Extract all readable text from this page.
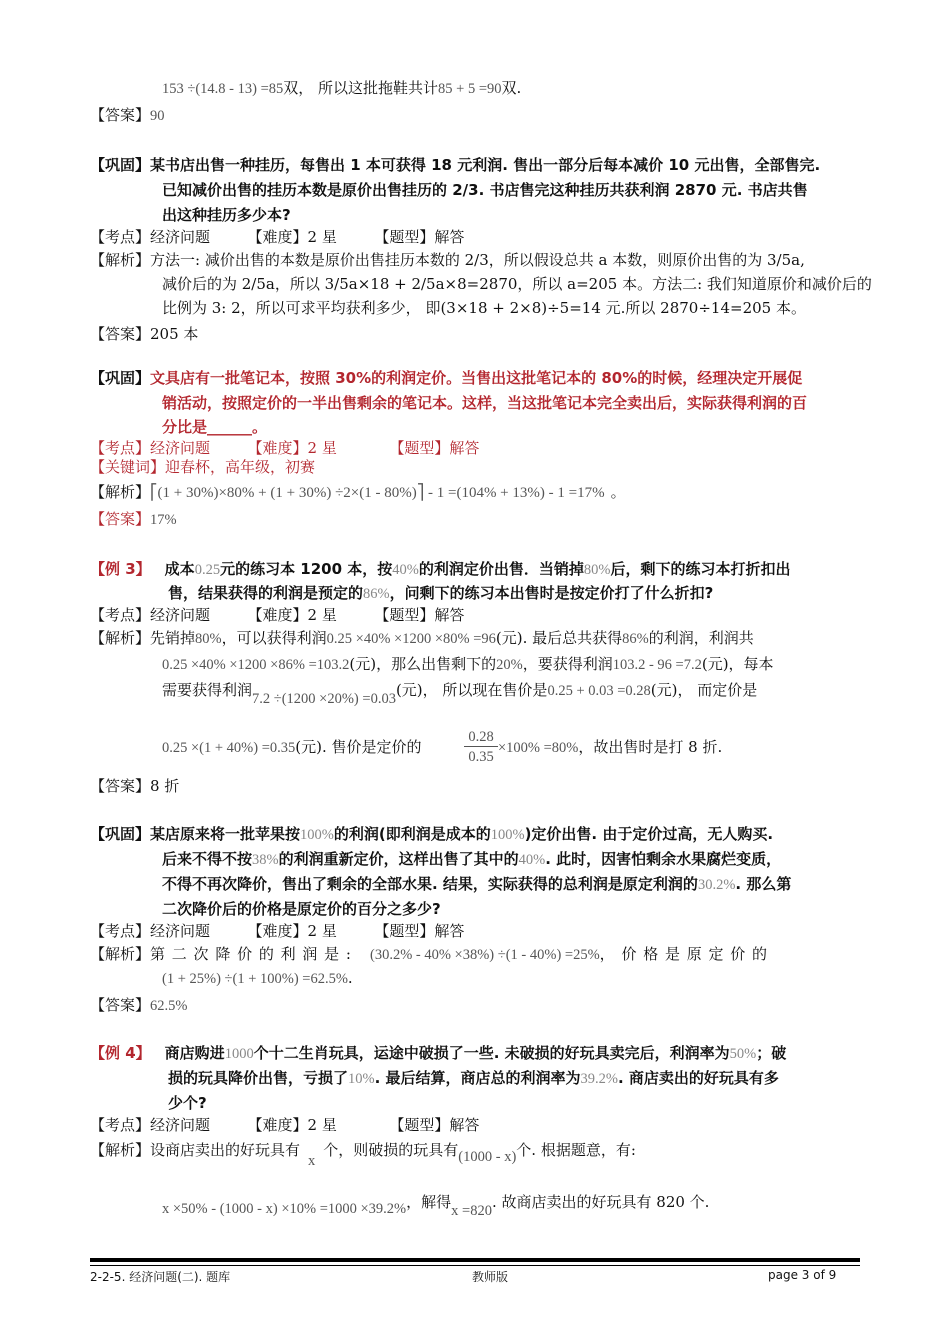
153 ÷(14.8 - 13) =85双， 所以这批拖鞋共计85 + 5 =90双.
【答案】90
【巩固】某书店出售一种挂历，每售出 1 本可获得 18 元利润. 售出一部分后每本减价 10 元出售，全部售完.
已知减价出售的挂历本数是原价出售挂历的 2/3. 书店售完这种挂历共获利润 2870 元. 书店共售
出这种挂历多少本?
【考点】经济问题　　　【难度】2 星　　　【题型】解答
【解析】方法一: 减价出售的本数是原价出售挂历本数的 2/3，所以假设总共 a 本数，则原价出售的为 3/5a,
减价后的为 2/5a，所以 3/5a×18 + 2/5a×8=2870，所以 a=205 本。方法二: 我们知道原价和减价后的
比例为 3: 2，所以可求平均获利多少， 即(3×18 + 2×8)÷5=14 元.所以 2870÷14=205 本。
【答案】205 本
【巩固】文具店有一批笔记本，按照 30%的利润定价。当售出这批笔记本的 80%的时候，经理决定开展促
销活动，按照定价的一半出售剩余的笔记本。这样，当这批笔记本完全卖出后，实际获得利润的百
分比是______。
【考点】经济问题　　　【难度】2 星　　　　【题型】解答
【关键词】迎春杯，高年级，初赛
【解析】⎡(1 + 30%)×80% + (1 + 30%) ÷2×(1 - 80%)⎤ - 1 =(104% + 13%) - 1 =17% 。
【答案】17%
【例 3】 成本0.25元的练习本 1200 本，按40%的利润定价出售．当销掉80%后，剩下的练习本打折扣出
售，结果获得的利润是预定的86%，问剩下的练习本出售时是按定价打了什么折扣?
【考点】经济问题　　　【难度】2 星　　　【题型】解答
【解析】先销掉80%，可以获得利润0.25 ×40% ×1200 ×80% =96(元). 最后总共获得86%的利润，利润共
0.25 ×40% ×1200 ×86% =103.2(元)，那么出售剩下的20%，要获得利润103.2 - 96 =7.2(元)，每本
需要获得利润7.2 ÷(1200 ×20%) =0.03(元)， 所以现在售价是0.25 + 0.03 =0.28(元)， 而定价是
0.25 ×(1 + 40%) =0.35(元). 售价是定价的	$\frac{0.28}{0.35} \times 100\% =80\%$，故出售时是打 8 折.
【答案】8 折
【巩固】某店原来将一批苹果按100%的利润(即利润是成本的100%)定价出售. 由于定价过高，无人购买.
后来不得不按38%的利润重新定价，这样出售了其中的40%. 此时，因害怕剩余水果腐烂变质，
不得不再次降价，售出了剩余的全部水果. 结果，实际获得的总利润是原定利润的30.2%. 那么第
二次降价后的价格是原定价的百分之多少?
【考点】经济问题　　　【难度】2 星　　　【题型】解答
【解析】第 二 次 降 价 的 利 润 是 : (30.2% - 40% ×38%) ÷(1 - 40%) =25%， 价 格 是 原 定 价 的
(1 + 25%) ÷(1 + 100%) =62.5%.
【答案】62.5%
【例 4】 商店购进1000个十二生肖玩具，运途中破损了一些. 未破损的好玩具卖完后，利润率为50%；破
损的玩具降价出售，亏损了10%. 最后结算，商店总的利润率为39.2%. 商店卖出的好玩具有多
少个?
【考点】经济问题　　　【难度】2 星　　　　【题型】解答
【解析】设商店卖出的好玩具有x个，则破损的玩具有(1000 - x)个. 根据题意，有:
x ×50% - (1000 - x) ×10% =1000 ×39.2%，解得x =820. 故商店卖出的好玩具有 820 个.
2-2-5. 经济问题(二). 题库	教师版	page 3 of 9
